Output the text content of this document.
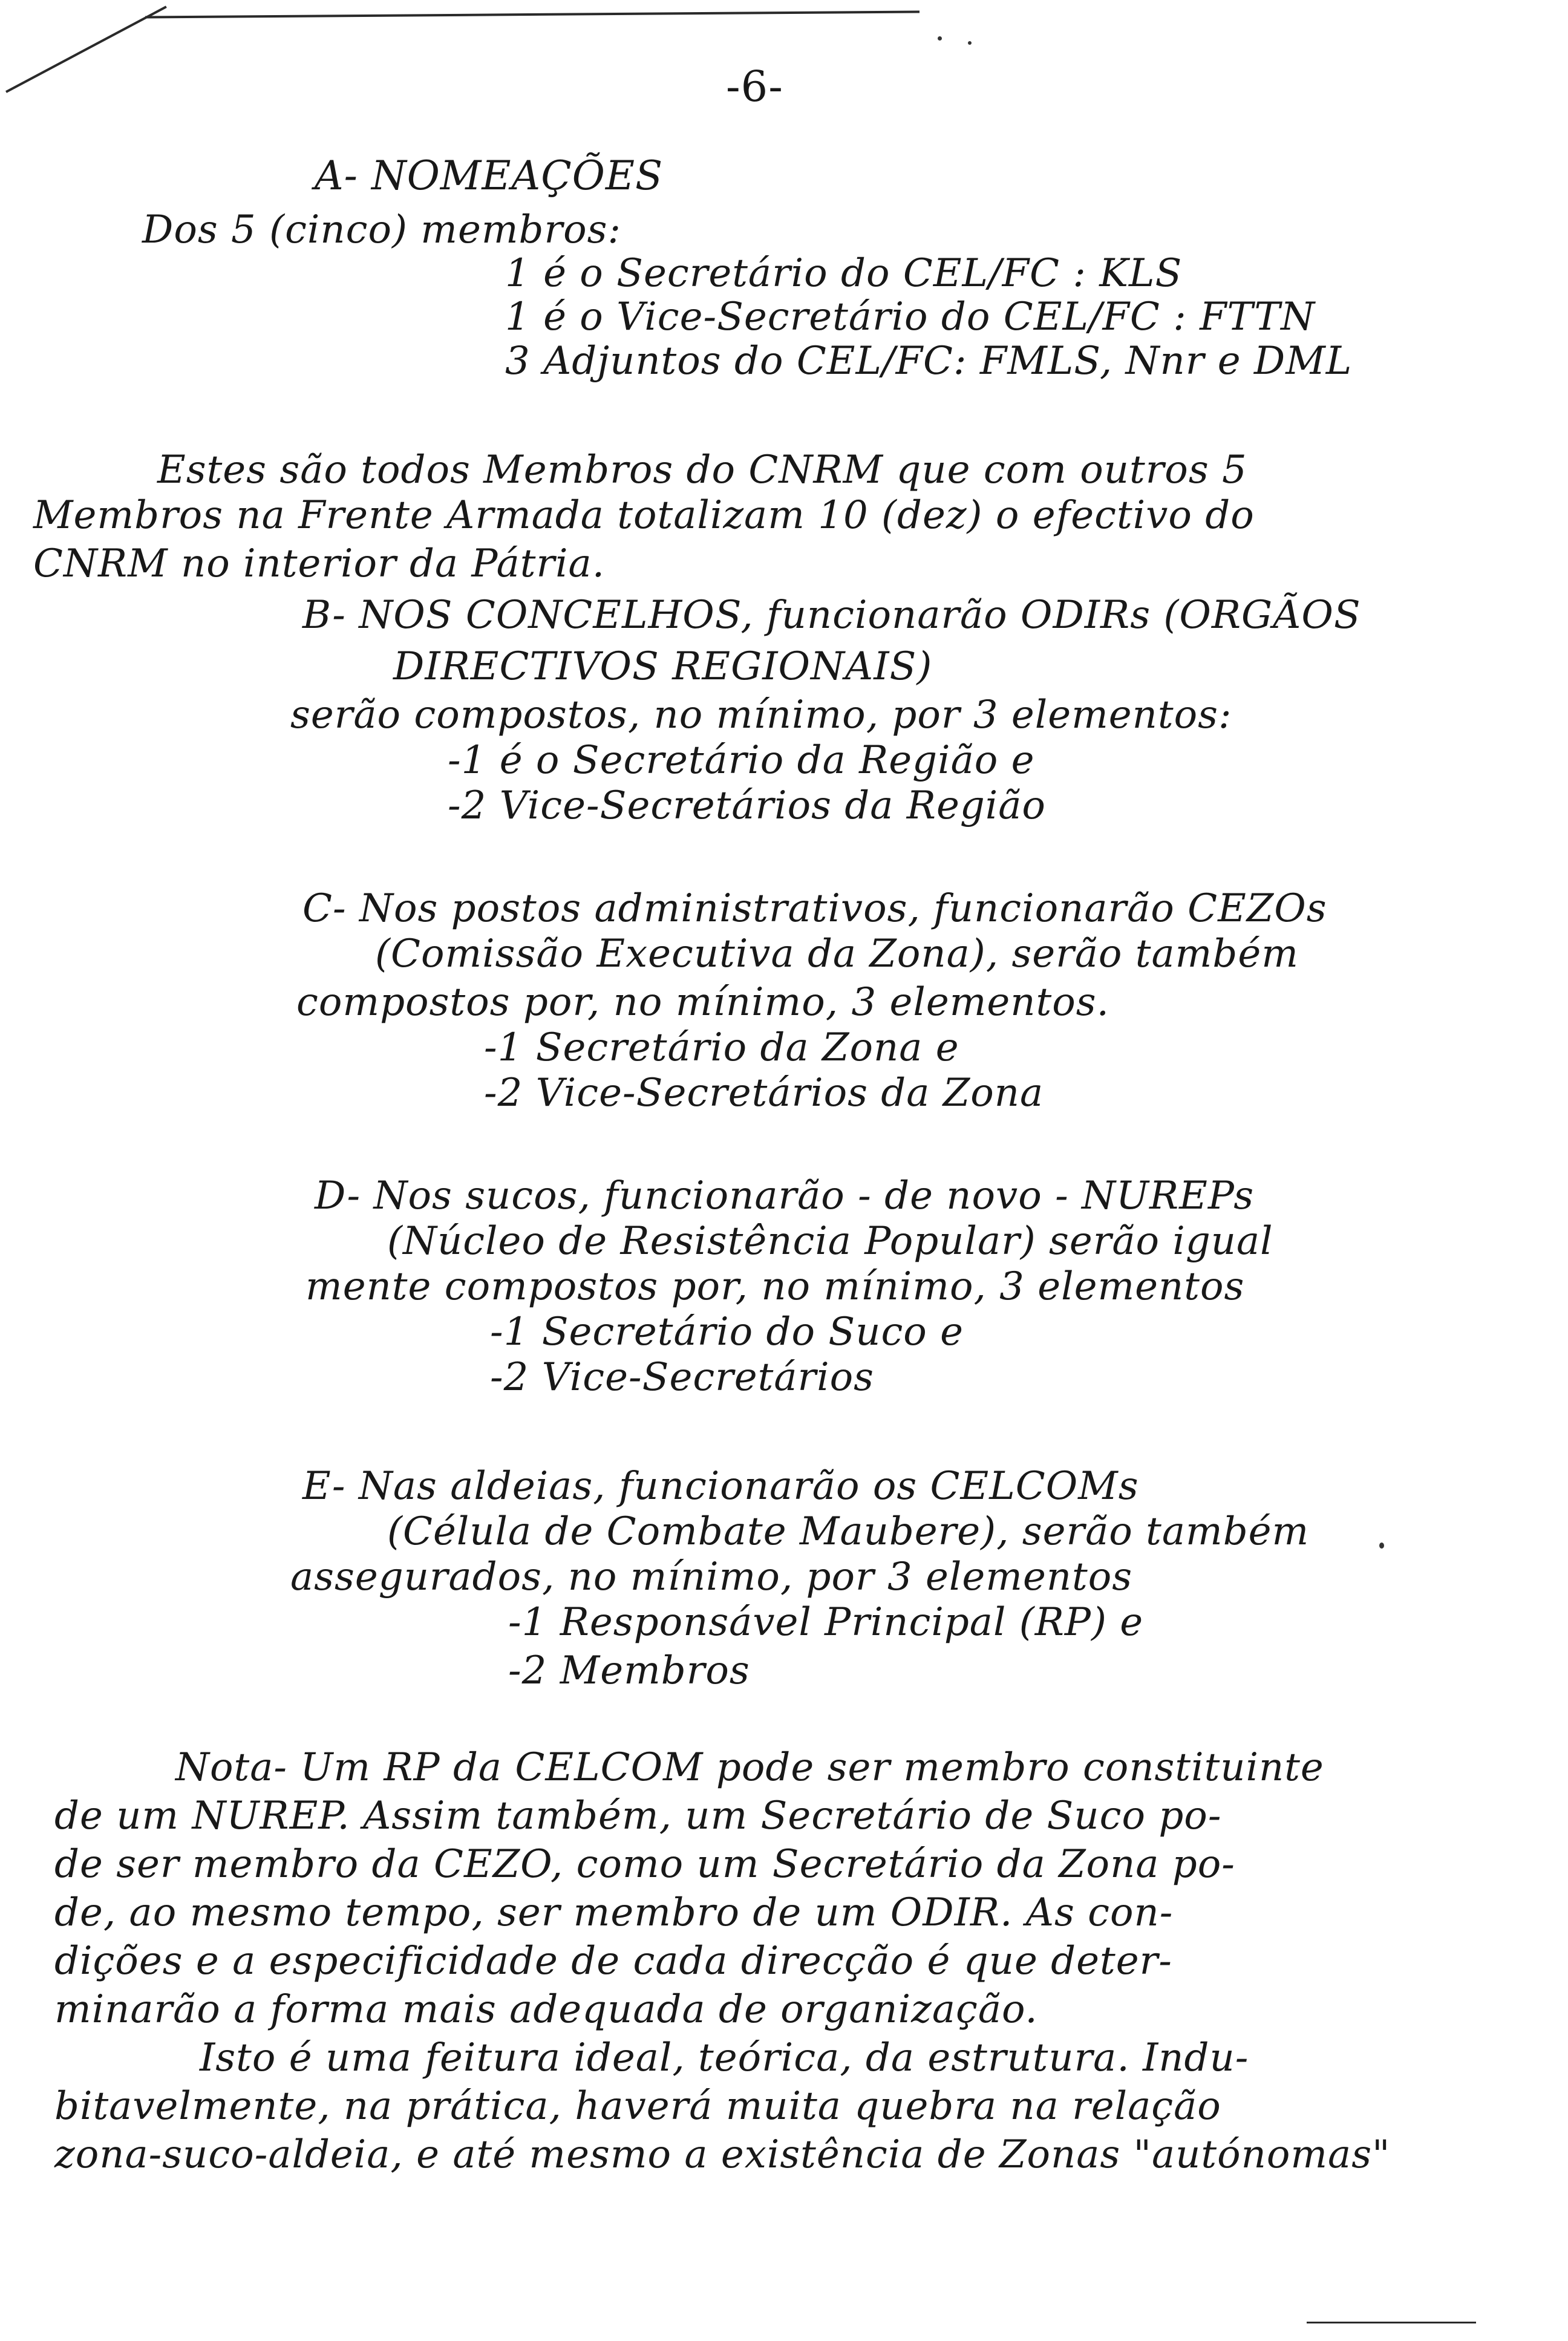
-6-
A- NOMEAÇÕES
Dos 5 (cinco) membros:
1 é o Secretário do CEL/FC : KLS
1 é o Vice-Secretário do CEL/FC : FTTN
3 Adjuntos do CEL/FC: FMLS, Nnr e DML
Estes são todos Membros do CNRM que com outros 5
Membros na Frente Armada totalizam 10 (dez) o efectivo do
CNRM no interior da Pátria.
B- NOS CONCELHOS, funcionarão ODIRs (ORGÃOS
DIRECTIVOS REGIONAIS)
serão compostos, no mínimo, por 3 elementos:
-1 é o Secretário da Região e
-2 Vice-Secretários da Região
C- Nos postos administrativos, funcionarão CEZOs
(Comissão Executiva da Zona), serão também
compostos por, no mínimo, 3 elementos.
-1 Secretário da Zona e
-2 Vice-Secretários da Zona
D- Nos sucos, funcionarão - de novo - NUREPs
(Núcleo de Resistência Popular) serão igual
mente compostos por, no mínimo, 3 elementos
-1 Secretário do Suco e
-2 Vice-Secretários
E- Nas aldeias, funcionarão os CELCOMs
(Célula de Combate Maubere), serão também
assegurados, no mínimo, por 3 elementos
-1 Responsável Principal (RP) e
-2 Membros
Nota- Um RP da CELCOM pode ser membro constituinte
de um NUREP. Assim também, um Secretário de Suco po-
de ser membro da CEZO, como um Secretário da Zona po-
de, ao mesmo tempo, ser membro de um ODIR. As con-
dições e a especificidade de cada direcção é que deter-
minarão a forma mais adequada de organização.
Isto é uma feitura ideal, teórica, da estrutura. Indu-
bitavelmente, na prática, haverá muita quebra na relação
zona-suco-aldeia, e até mesmo a existência de Zonas "autónomas"
